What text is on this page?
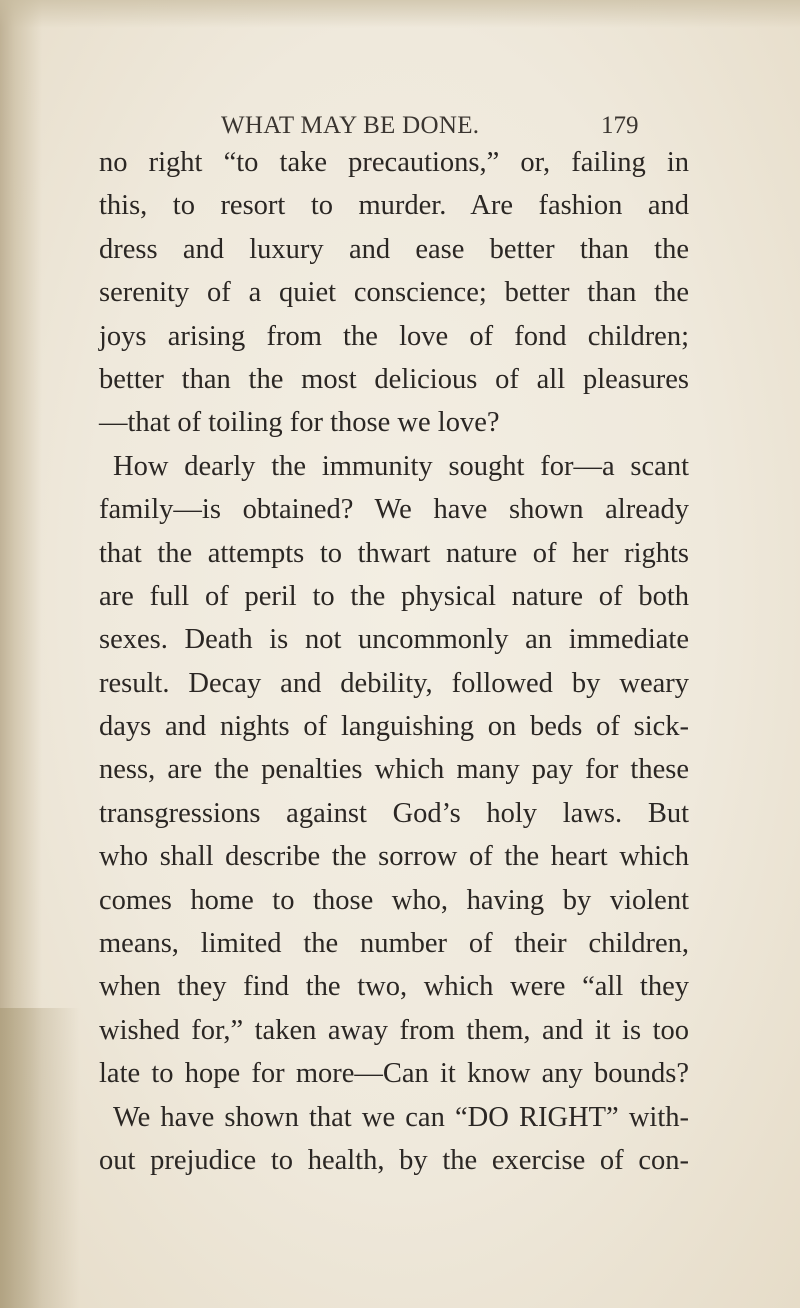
WHAT MAY BE DONE.	179
no right “to take precautions,” or, failing in
this, to resort to murder. Are fashion and
dress and luxury and ease better than the
serenity of a quiet conscience; better than the
joys arising from the love of fond children;
better than the most delicious of all pleasures
—that of toiling for those we love?
How dearly the immunity sought for—a scant
family—is obtained? We have shown already
that the attempts to thwart nature of her rights
are full of peril to the physical nature of both
sexes. Death is not uncommonly an immediate
result. Decay and debility, followed by weary
days and nights of languishing on beds of sick-
ness, are the penalties which many pay for these
transgressions against God’s holy laws. But
who shall describe the sorrow of the heart which
comes home to those who, having by violent
means, limited the number of their children,
when they find the two, which were “all they
wished for,” taken away from them, and it is too
late to hope for more—Can it know any bounds?
We have shown that we can “DO RIGHT” with-
out prejudice to health, by the exercise of con-
